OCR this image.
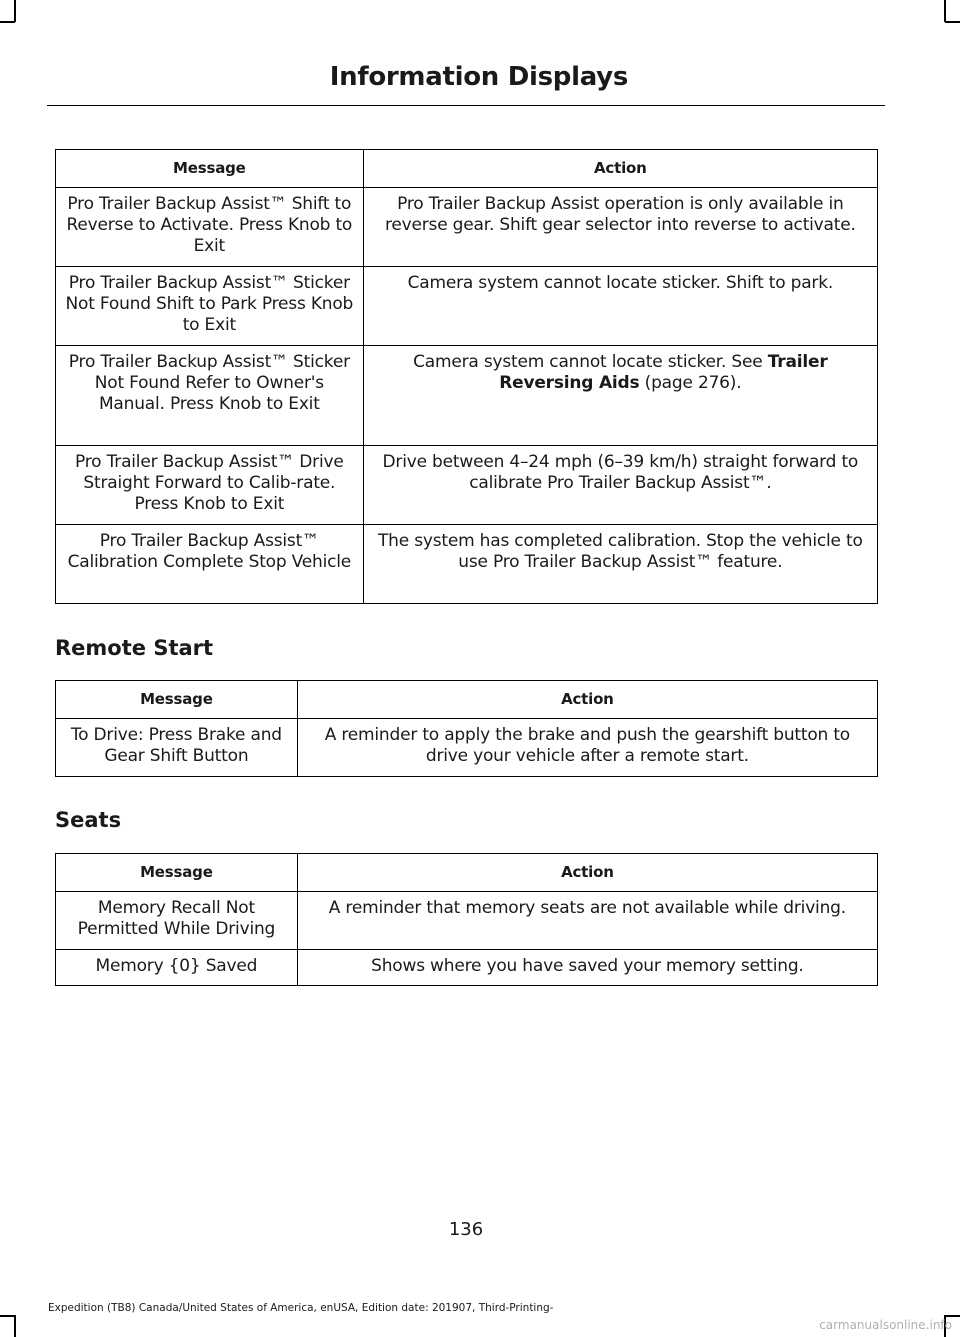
Information Displays
Message	Action
Pro Trailer Backup Assist™ Shift to Reverse to Activate. Press Knob to Exit	Pro Trailer Backup Assist operation is only available in reverse gear. Shift gear selector into reverse to activate.
Pro Trailer Backup Assist™ Sticker Not Found Shift to Park Press Knob to Exit	Camera system cannot locate sticker. Shift to park.
Pro Trailer Backup Assist™ Sticker Not Found Refer to Owner's Manual. Press Knob to Exit	Camera system cannot locate sticker. See Trailer Reversing Aids (page 276).
Pro Trailer Backup Assist™ Drive Straight Forward to Calib-rate. Press Knob to Exit	Drive between 4–24 mph (6–39 km/h) straight forward to calibrate Pro Trailer Backup Assist™.
Pro Trailer Backup Assist™ Calibration Complete Stop Vehicle	The system has completed calibration. Stop the vehicle to use Pro Trailer Backup Assist™ feature.
Remote Start
Message	Action
To Drive: Press Brake and Gear Shift Button	A reminder to apply the brake and push the gearshift button to drive your vehicle after a remote start.
Seats
Message	Action
Memory Recall Not Permitted While Driving	A reminder that memory seats are not available while driving.
Memory {0} Saved	Shows where you have saved your memory setting.
136
Expedition (TB8) Canada/United States of America, enUSA, Edition date: 201907, Third-Printing-
carmanualsonline.info
